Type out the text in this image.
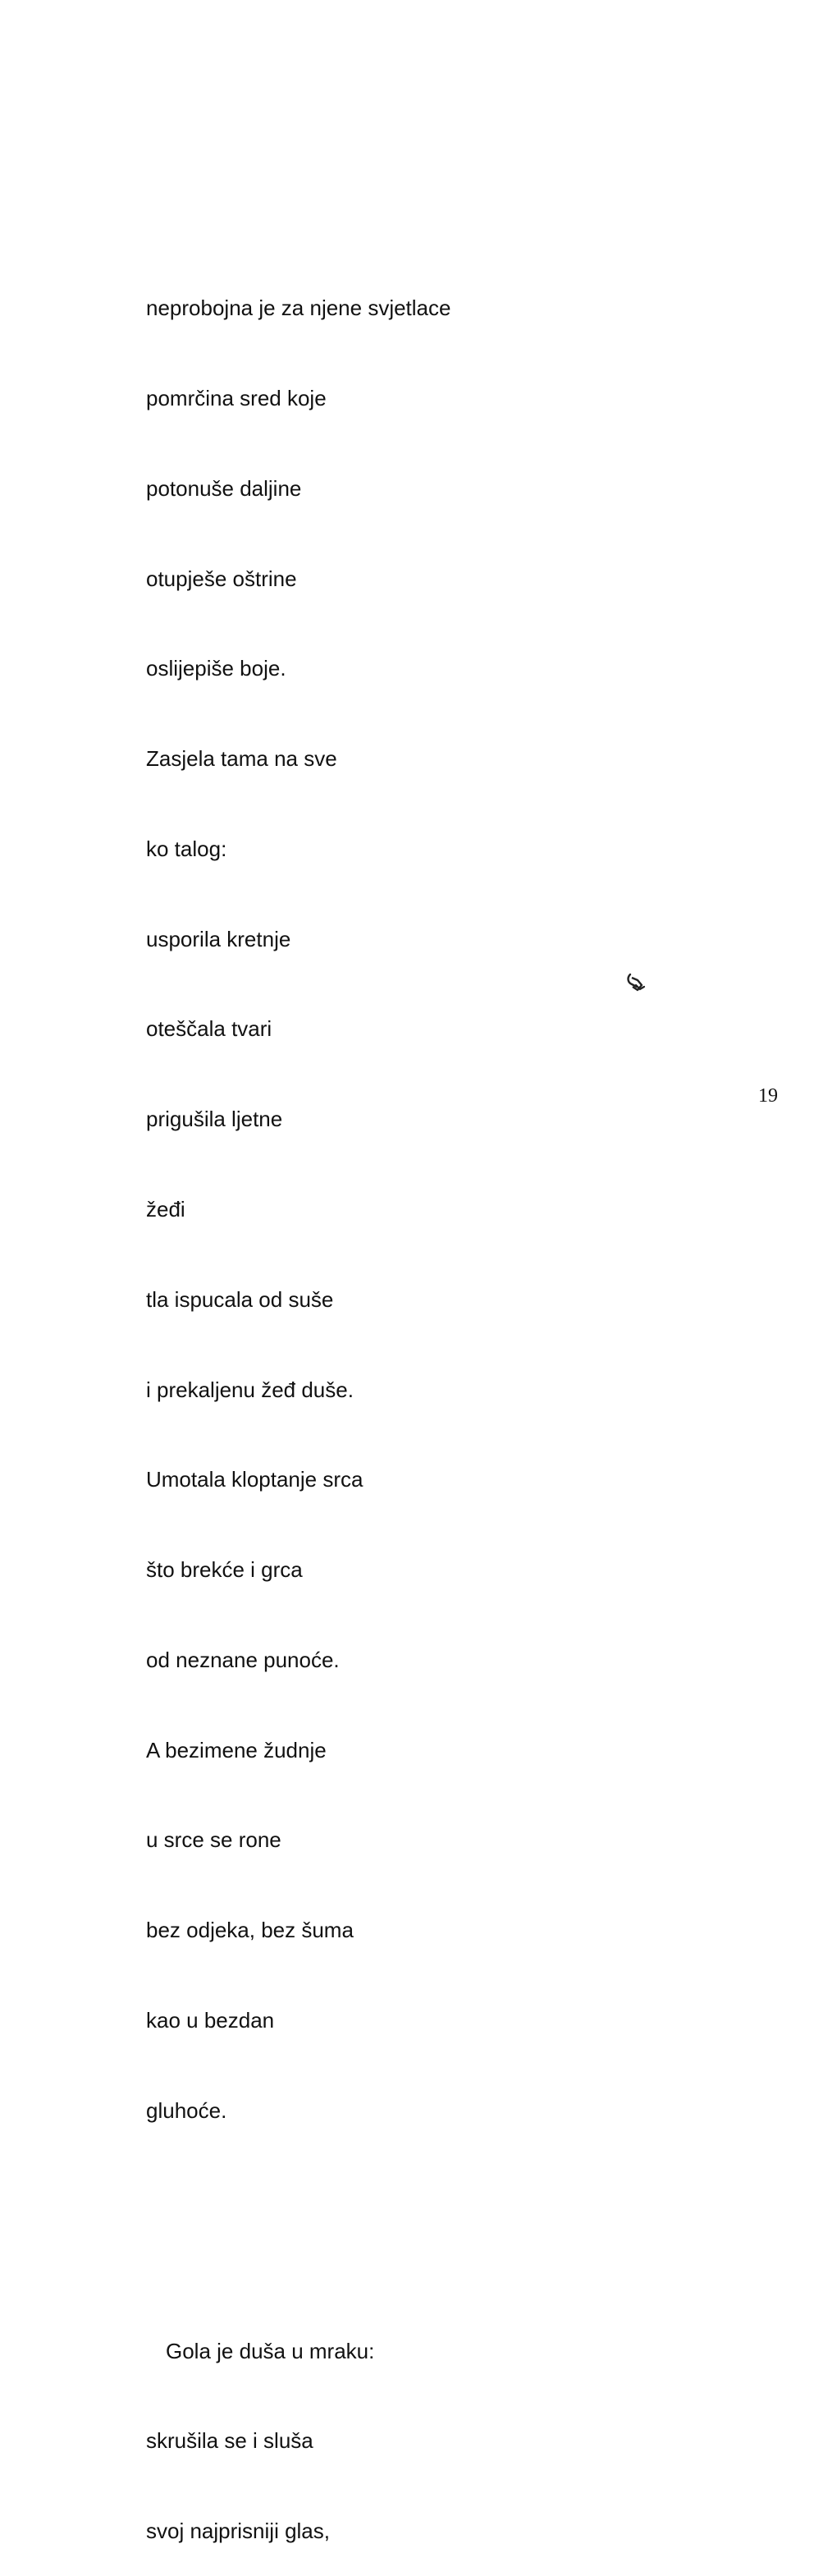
neprobojna je za njene svjetlace

pomrčina sred koje

potonuše daljine

otupješe oštrine

oslijepiše boje.

Zasjela tama na sve

ko talog:

usporila kretnje

oteščala tvari

prigušila ljetne

žeđi

tla ispucala od suše

i prekaljenu žeđ duše.

Umotala kloptanje srca

što brekće i grca

od neznane punoće.

A bezimene žudnje

u srce se rone

bez odjeka, bez šuma

kao u bezdan

gluhoće.

Gola je duša u mraku:

skrušila se i sluša

svoj najprisniji glas,

19
